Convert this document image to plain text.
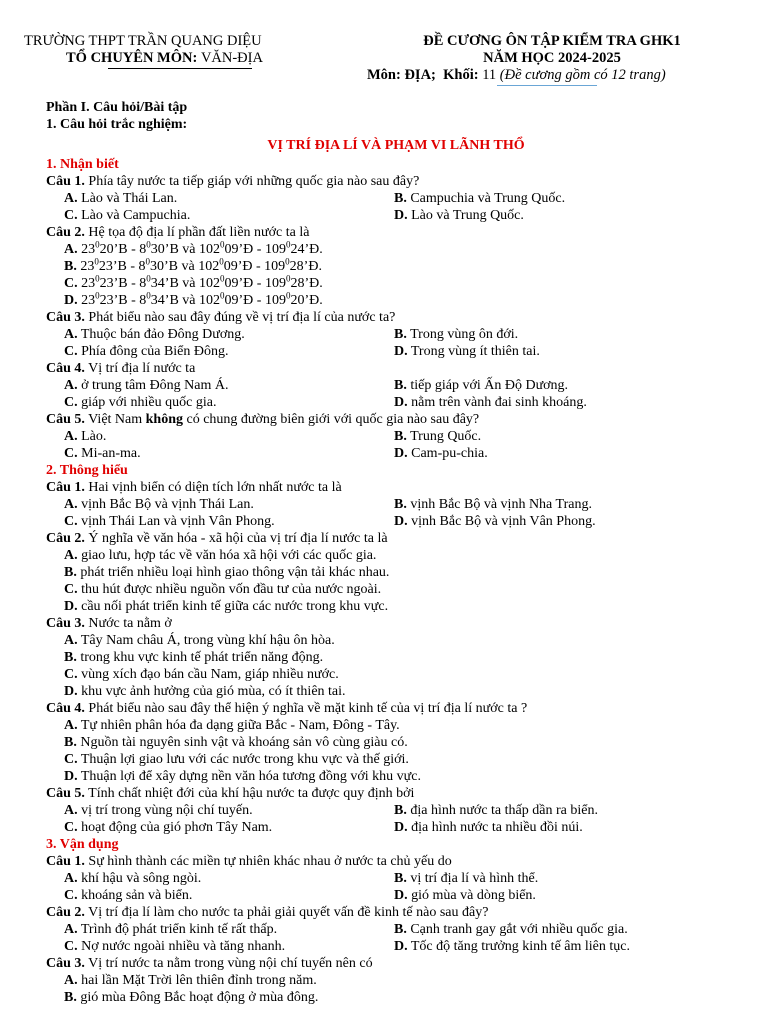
TRƯỜNG THPT TRẦN QUANG DIỆU
TỔ CHUYÊN MÔN: VĂN-ĐỊA
ĐỀ CƯƠNG ÔN TẬP KIỂM TRA GHK1
NĂM HỌC 2024-2025
Môn: ĐỊA; Khối: 11 (Đề cương gồm có 12 trang)
Phần I. Câu hỏi/Bài tập
1. Câu hỏi trắc nghiệm:
VỊ TRÍ ĐỊA LÍ VÀ PHẠM VI LÃNH THỔ
1. Nhận biết
Câu 1. Phía tây nước ta tiếp giáp với những quốc gia nào sau đây?
A. Lào và Thái Lan.	B. Campuchia và Trung Quốc.
C. Lào và Campuchia.	D. Lào và Trung Quốc.
Câu 2. Hệ tọa độ địa lí phần đất liền nước ta là
A. $23^020’B$ - $8^030’B$ và $102^009’Đ$ - $109^024’Đ$.
B. $23^023’B$ - $8^030’B$ và $102^009’Đ$ - $109^028’Đ$.
C. $23^023’B$ - $8^034’B$ và $102^009’Đ$ - $109^028’Đ$.
D. $23^023’B$ - $8^034’B$ và $102^009’Đ$ - $109^020’Đ$.
Câu 3. Phát biểu nào sau đây đúng về vị trí địa lí của nước ta?
A. Thuộc bán đảo Đông Dương.	B. Trong vùng ôn đới.
C. Phía đông của Biển Đông.	D. Trong vùng ít thiên tai.
Câu 4. Vị trí địa lí nước ta
A. ở trung tâm Đông Nam Á.	B. tiếp giáp với Ấn Độ Dương.
C. giáp với nhiều quốc gia.	D. nằm trên vành đai sinh khoáng.
Câu 5. Việt Nam không có chung đường biên giới với quốc gia nào sau đây?
A. Lào.	B. Trung Quốc.
C. Mi-an-ma.	D. Cam-pu-chia.
2. Thông hiểu
Câu 1. Hai vịnh biển có diện tích lớn nhất nước ta là
A. vịnh Bắc Bộ và vịnh Thái Lan.	B. vịnh Bắc Bộ và vịnh Nha Trang.
C. vịnh Thái Lan và vịnh Vân Phong.	D. vịnh Bắc Bộ và vịnh Vân Phong.
Câu 2. Ý nghĩa về văn hóa - xã hội của vị trí địa lí nước ta là
A. giao lưu, hợp tác về văn hóa xã hội với các quốc gia.
B. phát triển nhiều loại hình giao thông vận tải khác nhau.
C. thu hút được nhiều nguồn vốn đầu tư của nước ngoài.
D. cầu nối phát triển kinh tế giữa các nước trong khu vực.
Câu 3. Nước ta nằm ở
A. Tây Nam châu Á, trong vùng khí hậu ôn hòa.
B. trong khu vực kinh tế phát triển năng động.
C. vùng xích đạo bán cầu Nam, giáp nhiều nước.
D. khu vực ảnh hưởng của gió mùa, có ít thiên tai.
Câu 4. Phát biểu nào sau đây thể hiện ý nghĩa về mặt kinh tế của vị trí địa lí nước ta ?
A. Tự nhiên phân hóa đa dạng giữa Bắc - Nam, Đông - Tây.
B. Nguồn tài nguyên sinh vật và khoáng sản vô cùng giàu có.
C. Thuận lợi giao lưu với các nước trong khu vực và thế giới.
D. Thuận lợi để xây dựng nền văn hóa tương đồng với khu vực.
Câu 5. Tính chất nhiệt đới của khí hậu nước ta được quy định bởi
A. vị trí trong vùng nội chí tuyến.	B. địa hình nước ta thấp dần ra biển.
C. hoạt động của gió phơn Tây Nam.	D. địa hình nước ta nhiều đồi núi.
3. Vận dụng
Câu 1. Sự hình thành các miền tự nhiên khác nhau ở nước ta chủ yếu do
A. khí hậu và sông ngòi.	B. vị trí địa lí và hình thể.
C. khoáng sản và biển.	D. gió mùa và dòng biển.
Câu 2. Vị trí địa lí làm cho nước ta phải giải quyết vấn đề kinh tế nào sau đây?
A. Trình độ phát triển kinh tế rất thấp.	B. Cạnh tranh gay gắt với nhiều quốc gia.
C. Nợ nước ngoài nhiều và tăng nhanh.	D. Tốc độ tăng trưởng kinh tế âm liên tục.
Câu 3. Vị trí nước ta nằm trong vùng nội chí tuyến nên có
A. hai lần Mặt Trời lên thiên đỉnh trong năm.
B. gió mùa Đông Bắc hoạt động ở mùa đông.
